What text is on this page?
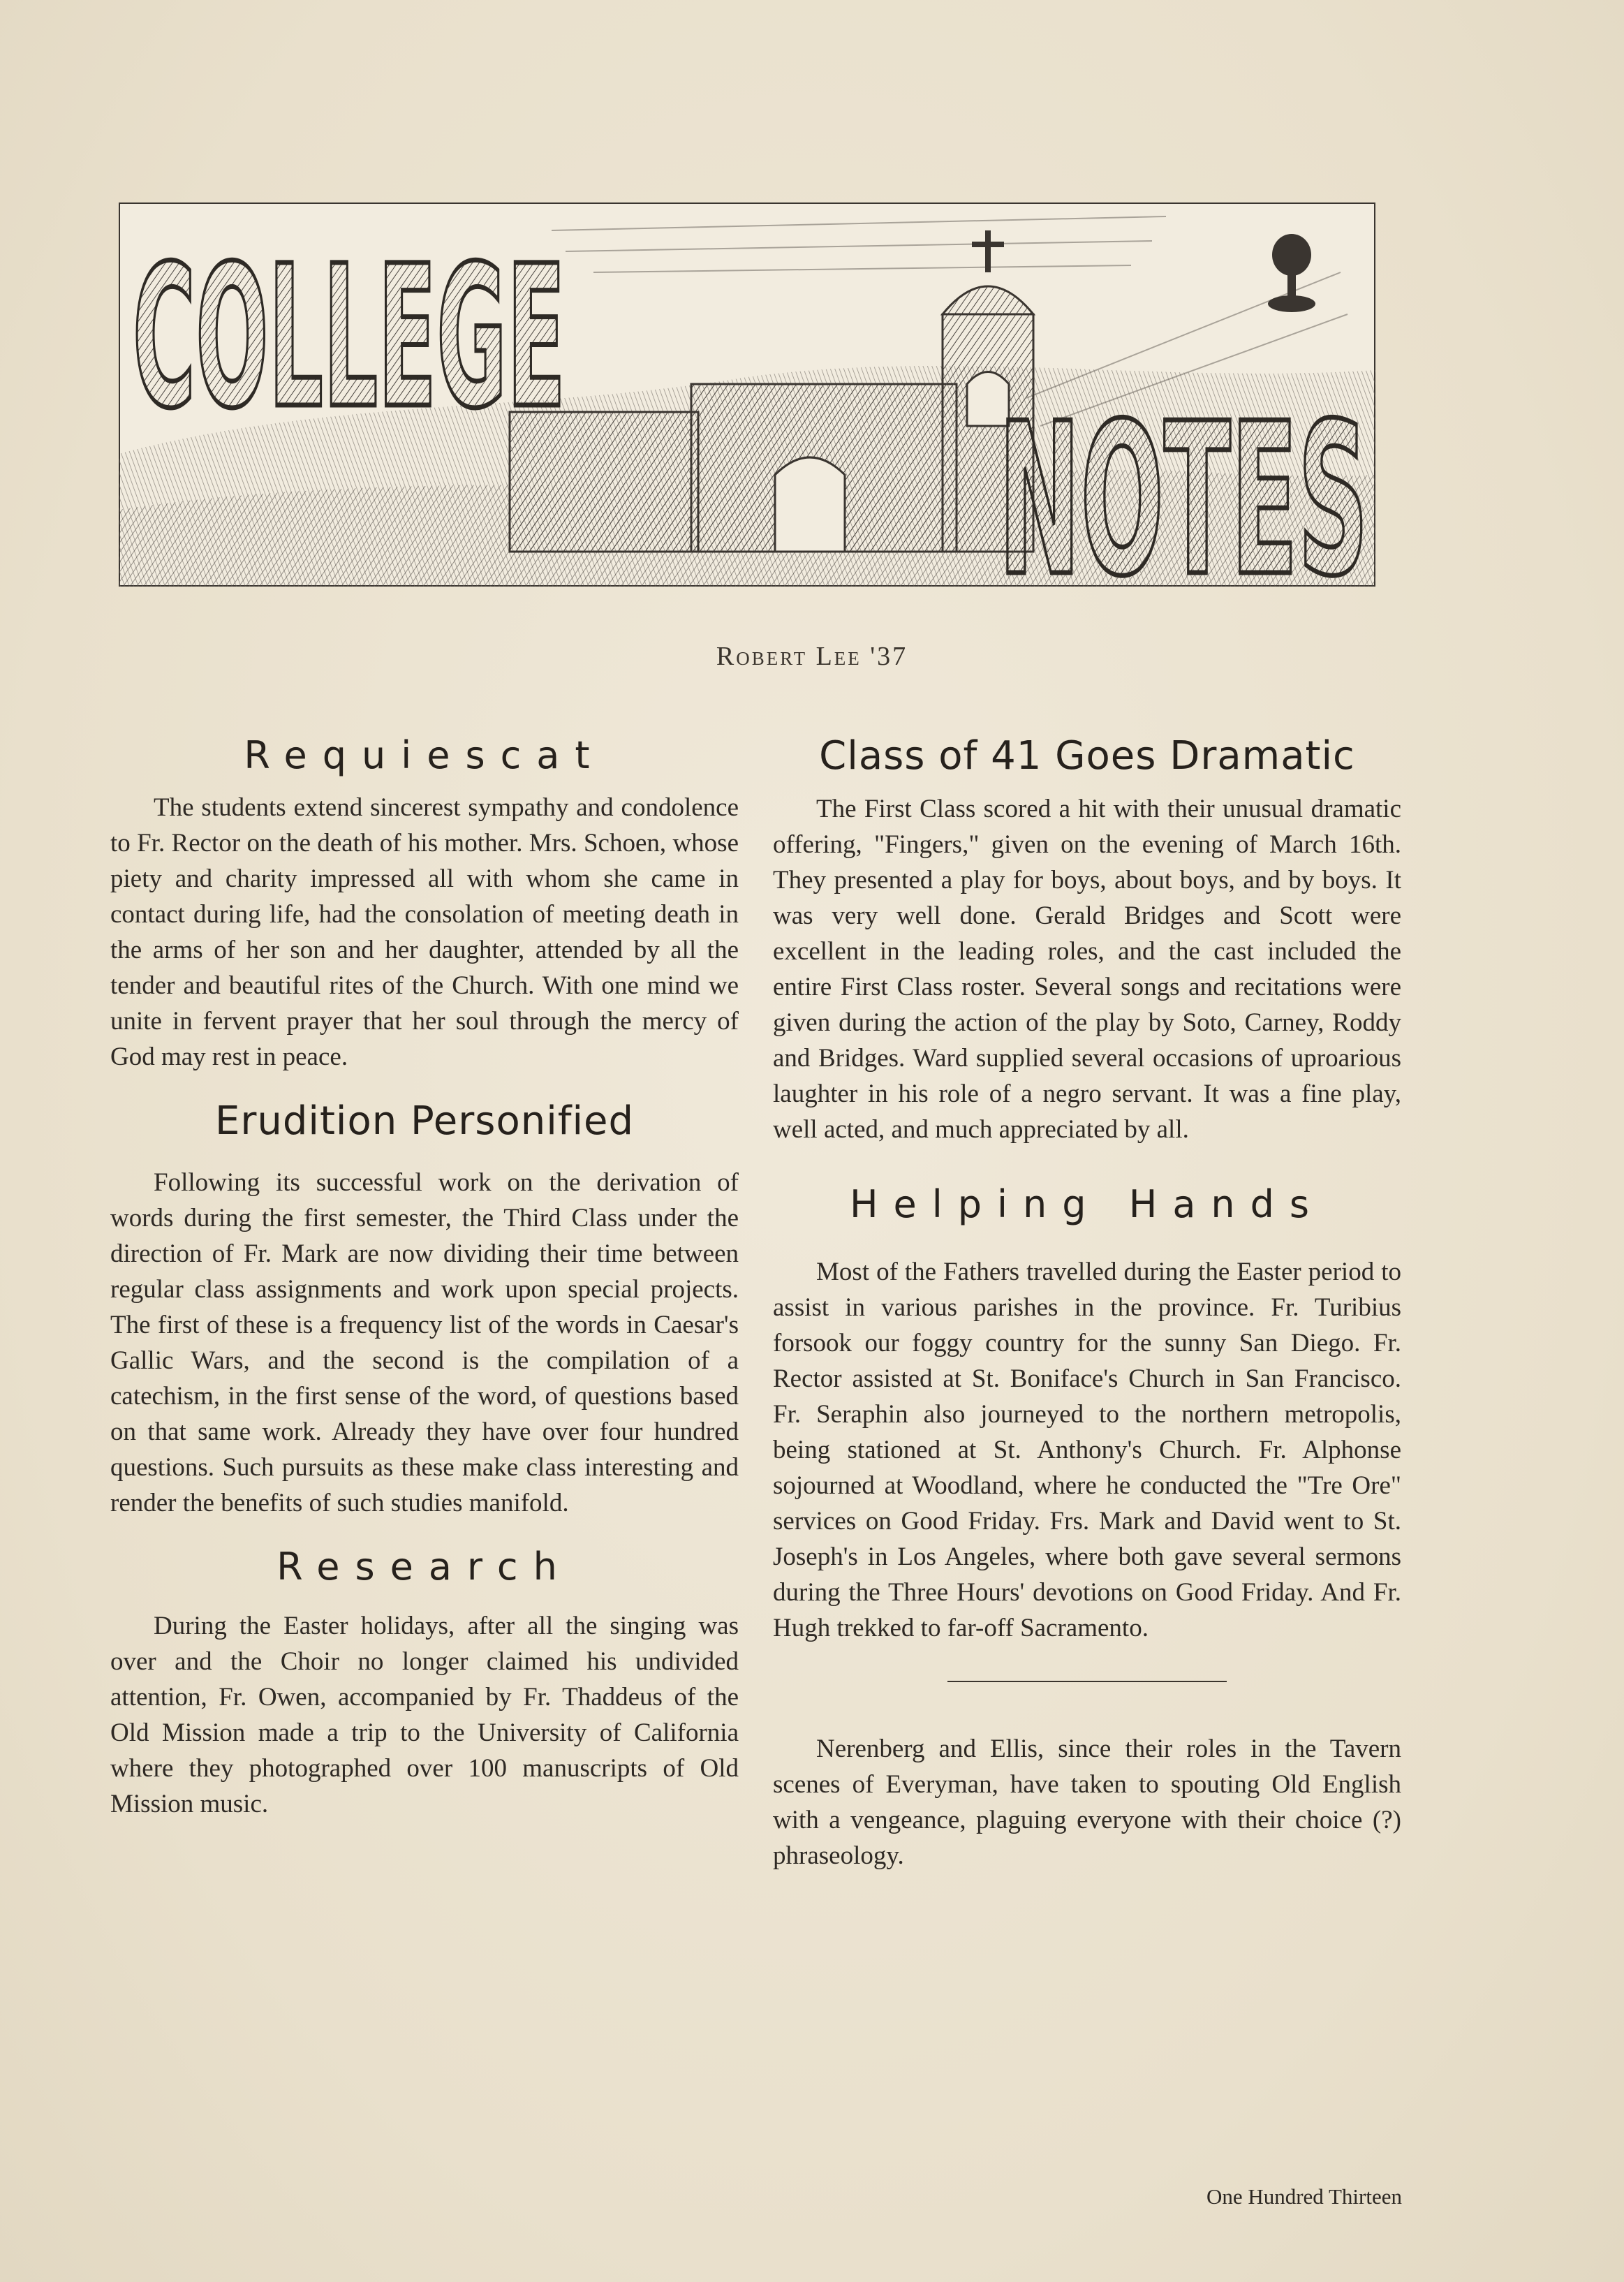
COLLEGE
NOTES
Robert Lee '37
Requiescat

The students extend sincerest sympathy and condolence to Fr. Rector on the death of his mother. Mrs. Schoen, whose piety and charity impressed all with whom she came in contact during life, had the consolation of meeting death in the arms of her son and her daughter, attended by all the tender and beautiful rites of the Church. With one mind we unite in fervent prayer that her soul through the mercy of God may rest in peace.

Erudition Personified

Following its successful work on the derivation of words during the first semester, the Third Class under the direction of Fr. Mark are now dividing their time between regular class assignments and work upon special projects. The first of these is a frequency list of the words in Caesar's Gallic Wars, and the second is the compilation of a catechism, in the first sense of the word, of questions based on that same work. Already they have over four hundred questions. Such pursuits as these make class interesting and render the benefits of such studies manifold.

Research

During the Easter holidays, after all the singing was over and the Choir no longer claimed his undivided attention, Fr. Owen, accompanied by Fr. Thaddeus of the Old Mission made a trip to the University of California where they photographed over 100 manuscripts of Old Mission music.

Class of 41 Goes Dramatic

The First Class scored a hit with their unusual dramatic offering, "Fingers," given on the evening of March 16th. They presented a play for boys, about boys, and by boys. It was very well done. Gerald Bridges and Scott were excellent in the leading roles, and the cast included the entire First Class roster. Several songs and recitations were given during the action of the play by Soto, Carney, Roddy and Bridges. Ward supplied several occasions of uproarious laughter in his role of a negro servant. It was a fine play, well acted, and much appreciated by all.

Helping Hands

Most of the Fathers travelled during the Easter period to assist in various parishes in the province. Fr. Turibius forsook our foggy country for the sunny San Diego. Fr. Rector assisted at St. Boniface's Church in San Francisco. Fr. Seraphin also journeyed to the northern metropolis, being stationed at St. Anthony's Church. Fr. Alphonse sojourned at Woodland, where he conducted the "Tre Ore" services on Good Friday. Frs. Mark and David went to St. Joseph's in Los Angeles, where both gave several sermons during the Three Hours' devotions on Good Friday. And Fr. Hugh trekked to far-off Sacramento.

Nerenberg and Ellis, since their roles in the Tavern scenes of Everyman, have taken to spouting Old English with a vengeance, plaguing everyone with their choice (?) phraseology.

One Hundred Thirteen
